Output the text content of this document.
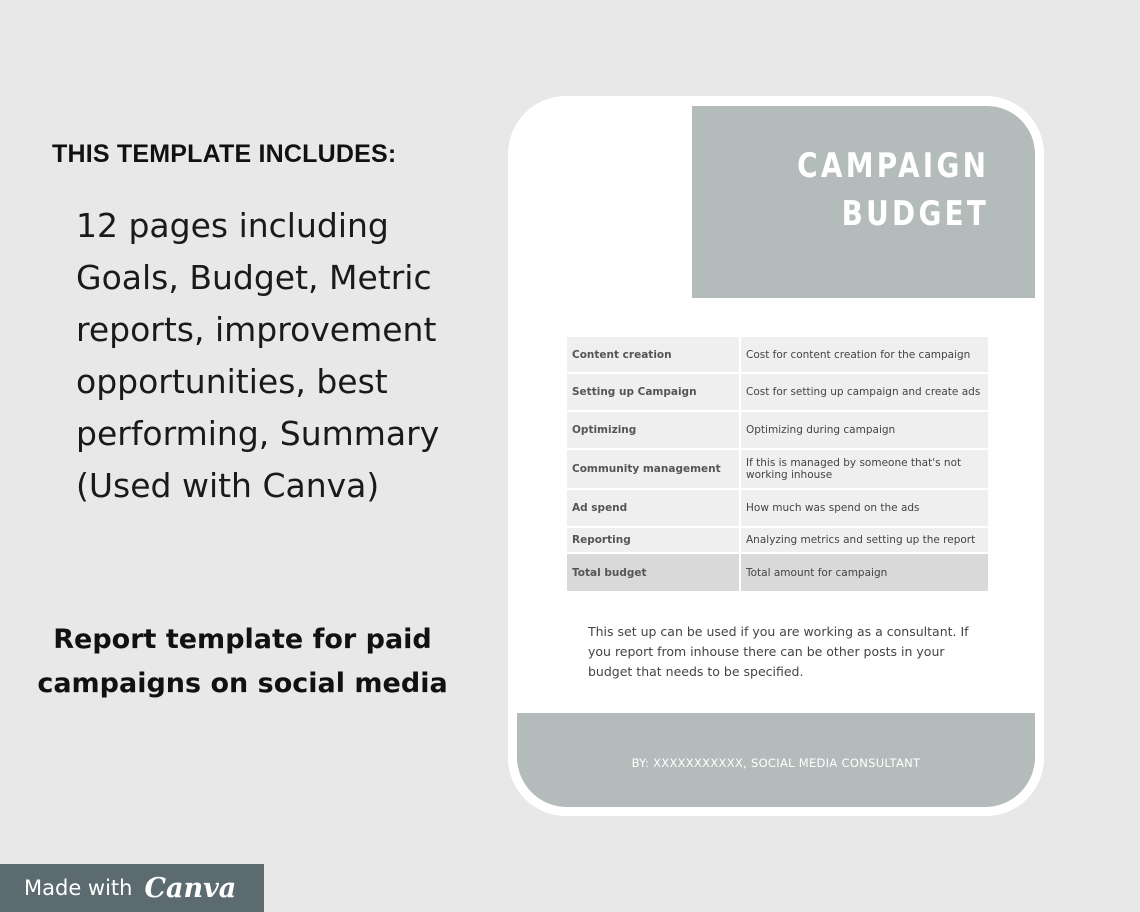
THIS TEMPLATE INCLUDES:

12 pages including
Goals, Budget, Metric
reports, improvement
opportunities, best
performing, Summary
(Used with Canva)

Report template for paid
campaigns on social media

CAMPAIGN
BUDGET
Content creation	Cost for content creation for the campaign
Setting up Campaign	Cost for setting up campaign and create ads
Optimizing	Optimizing during campaign
Community management	If this is managed by someone that's not working inhouse
Ad spend	How much was spend on the ads
Reporting	Analyzing metrics and setting up the report
Total budget	Total amount for campaign

This set up can be used if you are working as a consultant. If you report from inhouse there can be other posts in your budget that needs to be specified.

BY: XXXXXXXXXXX, SOCIAL MEDIA CONSULTANT
Made with Canva
